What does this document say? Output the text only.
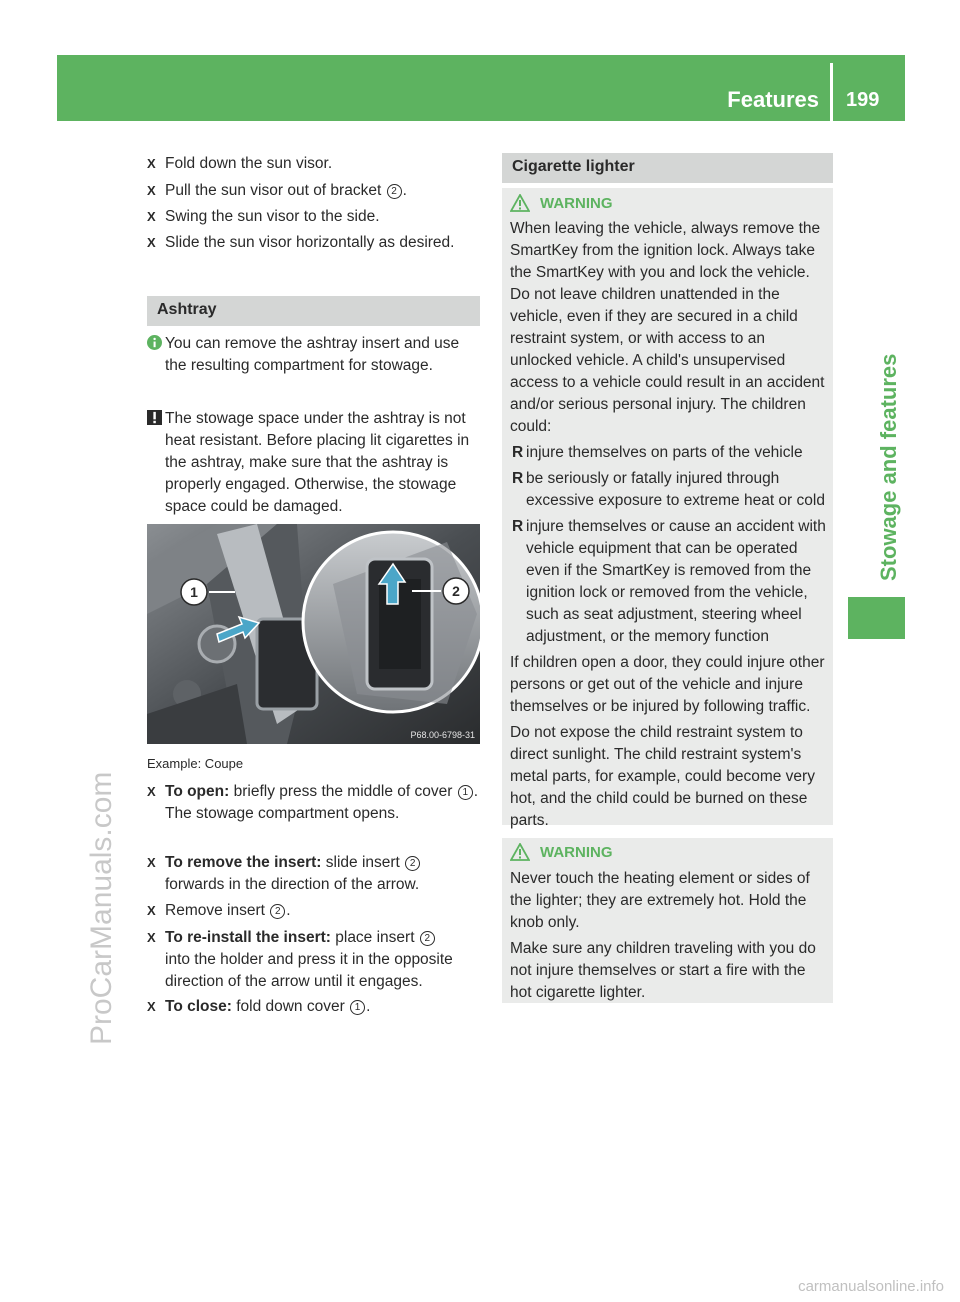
Features 199
Stowage and features
ProCarManuals.com
carmanualsonline.info
X Fold down the sun visor.
X Pull the sun visor out of bracket 2 .
X Swing the sun visor to the side.
X Slide the sun visor horizontally as desired.
Ashtray
You can remove the ashtray insert and use the resulting compartment for stowage.
The stowage space under the ashtray is not heat resistant. Before placing lit cigarettes in the ashtray, make sure that the ashtray is properly engaged. Otherwise, the stowage space could be damaged.
1	2
P68.00-6798-31
Example: Coupe
X To open: briefly press the middle of cover 1 .
The stowage compartment opens.
X To remove the insert: slide insert 2 forwards in the direction of the arrow.
X Remove insert 2 .
X To re-install the insert: place insert 2
into the holder and press it in the opposite direction of the arrow until it engages.
X To close: fold down cover 1 .
Cigarette lighter
WARNING
When leaving the vehicle, always remove the SmartKey from the ignition lock. Always take the SmartKey with you and lock the vehicle. Do not leave children unattended in the vehicle, even if they are secured in a child restraint system, or with access to an unlocked vehicle. A child's unsupervised access to a vehicle could result in an accident and/or serious personal injury. The children could:
R injure themselves on parts of the vehicle
R be seriously or fatally injured through excessive exposure to extreme heat or cold
R injure themselves or cause an accident with vehicle equipment that can be operated even if the SmartKey is removed from the ignition lock or removed from the vehicle, such as seat adjustment, steering wheel adjustment, or the memory function
If children open a door, they could injure other persons or get out of the vehicle and injure themselves or be injured by following traffic.
Do not expose the child restraint system to direct sunlight. The child restraint system's metal parts, for example, could become very hot, and the child could be burned on these parts.
WARNING
Never touch the heating element or sides of the lighter; they are extremely hot. Hold the knob only.
Make sure any children traveling with you do not injure themselves or start a fire with the hot cigarette lighter.
